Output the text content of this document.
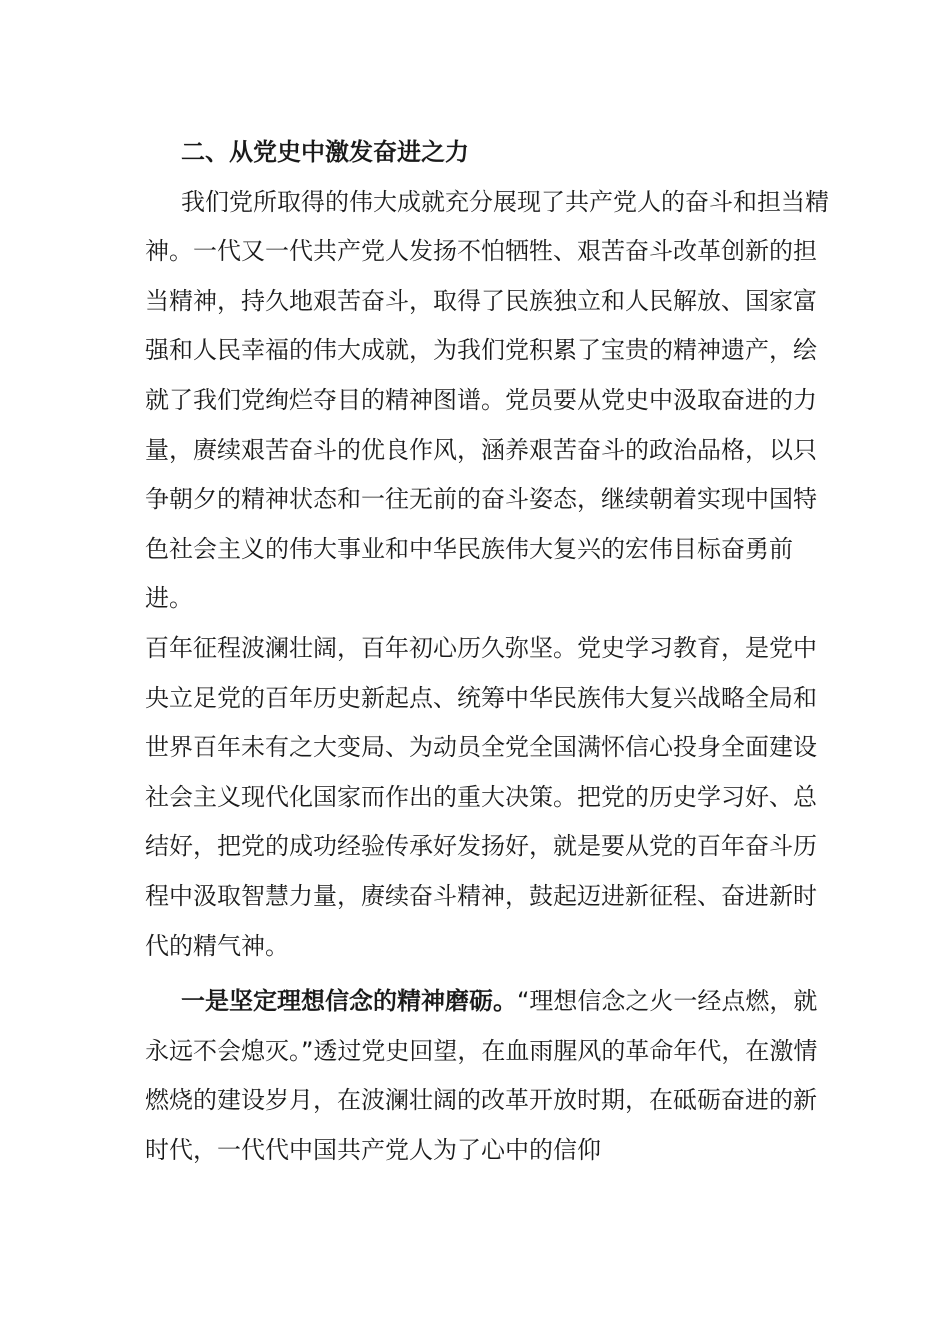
二、从党史中激发奋进之力

我们党所取得的伟大成就充分展现了共产党人的奋斗和担当精神。一代又一代共产党人发扬不怕牺牲、艰苦奋斗改革创新的担当精神，持久地艰苦奋斗，取得了民族独立和人民解放、国家富强和人民幸福的伟大成就，为我们党积累了宝贵的精神遗产，绘就了我们党绚烂夺目的精神图谱。党员要从党史中汲取奋进的力量，赓续艰苦奋斗的优良作风，涵养艰苦奋斗的政治品格，以只争朝夕的精神状态和一往无前的奋斗姿态，继续朝着实现中国特色社会主义的伟大事业和中华民族伟大复兴的宏伟目标奋勇前进。

百年征程波澜壮阔，百年初心历久弥坚。党史学习教育，是党中央立足党的百年历史新起点、统筹中华民族伟大复兴战略全局和世界百年未有之大变局、为动员全党全国满怀信心投身全面建设社会主义现代化国家而作出的重大决策。把党的历史学习好、总结好，把党的成功经验传承好发扬好，就是要从党的百年奋斗历程中汲取智慧力量，赓续奋斗精神，鼓起迈进新征程、奋进新时代的精气神。

一是坚定理想信念的精神磨砺。“理想信念之火一经点燃，就永远不会熄灭。”透过党史回望，在血雨腥风的革命年代，在激情燃烧的建设岁月，在波澜壮阔的改革开放时期，在砥砺奋进的新时代，一代代中国共产党人为了心中的信仰
